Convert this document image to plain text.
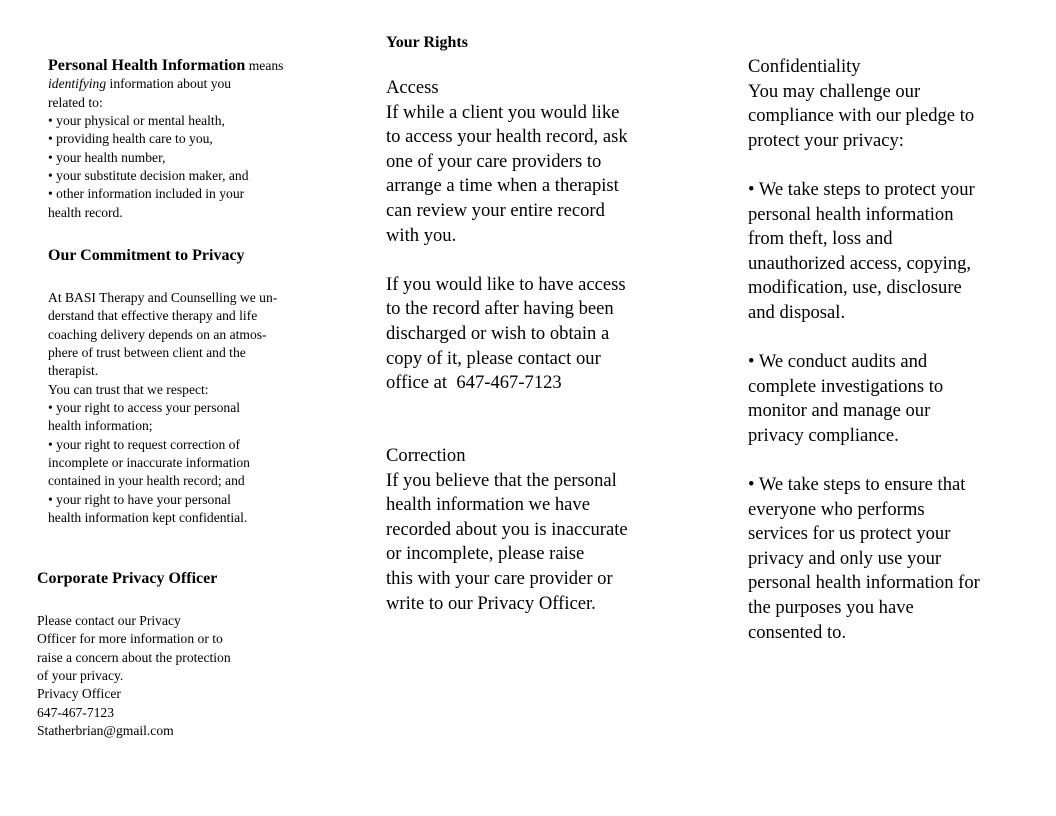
Personal Health Information means
identifying information about you
related to:
• your physical or mental health,
• providing health care to you,
• your health number,
• your substitute decision maker, and
• other information included in your
health record.
Our Commitment to Privacy
At BASI Therapy and Counselling we un-
derstand that effective therapy and life
coaching delivery depends on an atmos-
phere of trust between client and the
therapist.
You can trust that we respect:
• your right to access your personal
health information;
• your right to request correction of
incomplete or inaccurate information
contained in your health record; and
• your right to have your personal
health information kept confidential.
Corporate Privacy Officer
Please contact our Privacy
Officer for more information or to
raise a concern about the protection
of your privacy.
Privacy Officer
647-467-7123
Statherbrian@gmail.com
Your Rights
Access
If while a client you would like
to access your health record, ask
one of your care providers to
arrange a time when a therapist
can review your entire record
with you.

If you would like to have access
to the record after having been
discharged or wish to obtain a
copy of it, please contact our
office at  647-467-7123
Correction
If you believe that the personal
health information we have
recorded about you is inaccurate
or incomplete, please raise
this with your care provider or
write to our Privacy Officer.
Confidentiality
You may challenge our
compliance with our pledge to
protect your privacy:

• We take steps to protect your
personal health information
from theft, loss and
unauthorized access, copying,
modification, use, disclosure
and disposal.

• We conduct audits and
complete investigations to
monitor and manage our
privacy compliance.

• We take steps to ensure that
everyone who performs
services for us protect your
privacy and only use your
personal health information for
the purposes you have
consented to.
